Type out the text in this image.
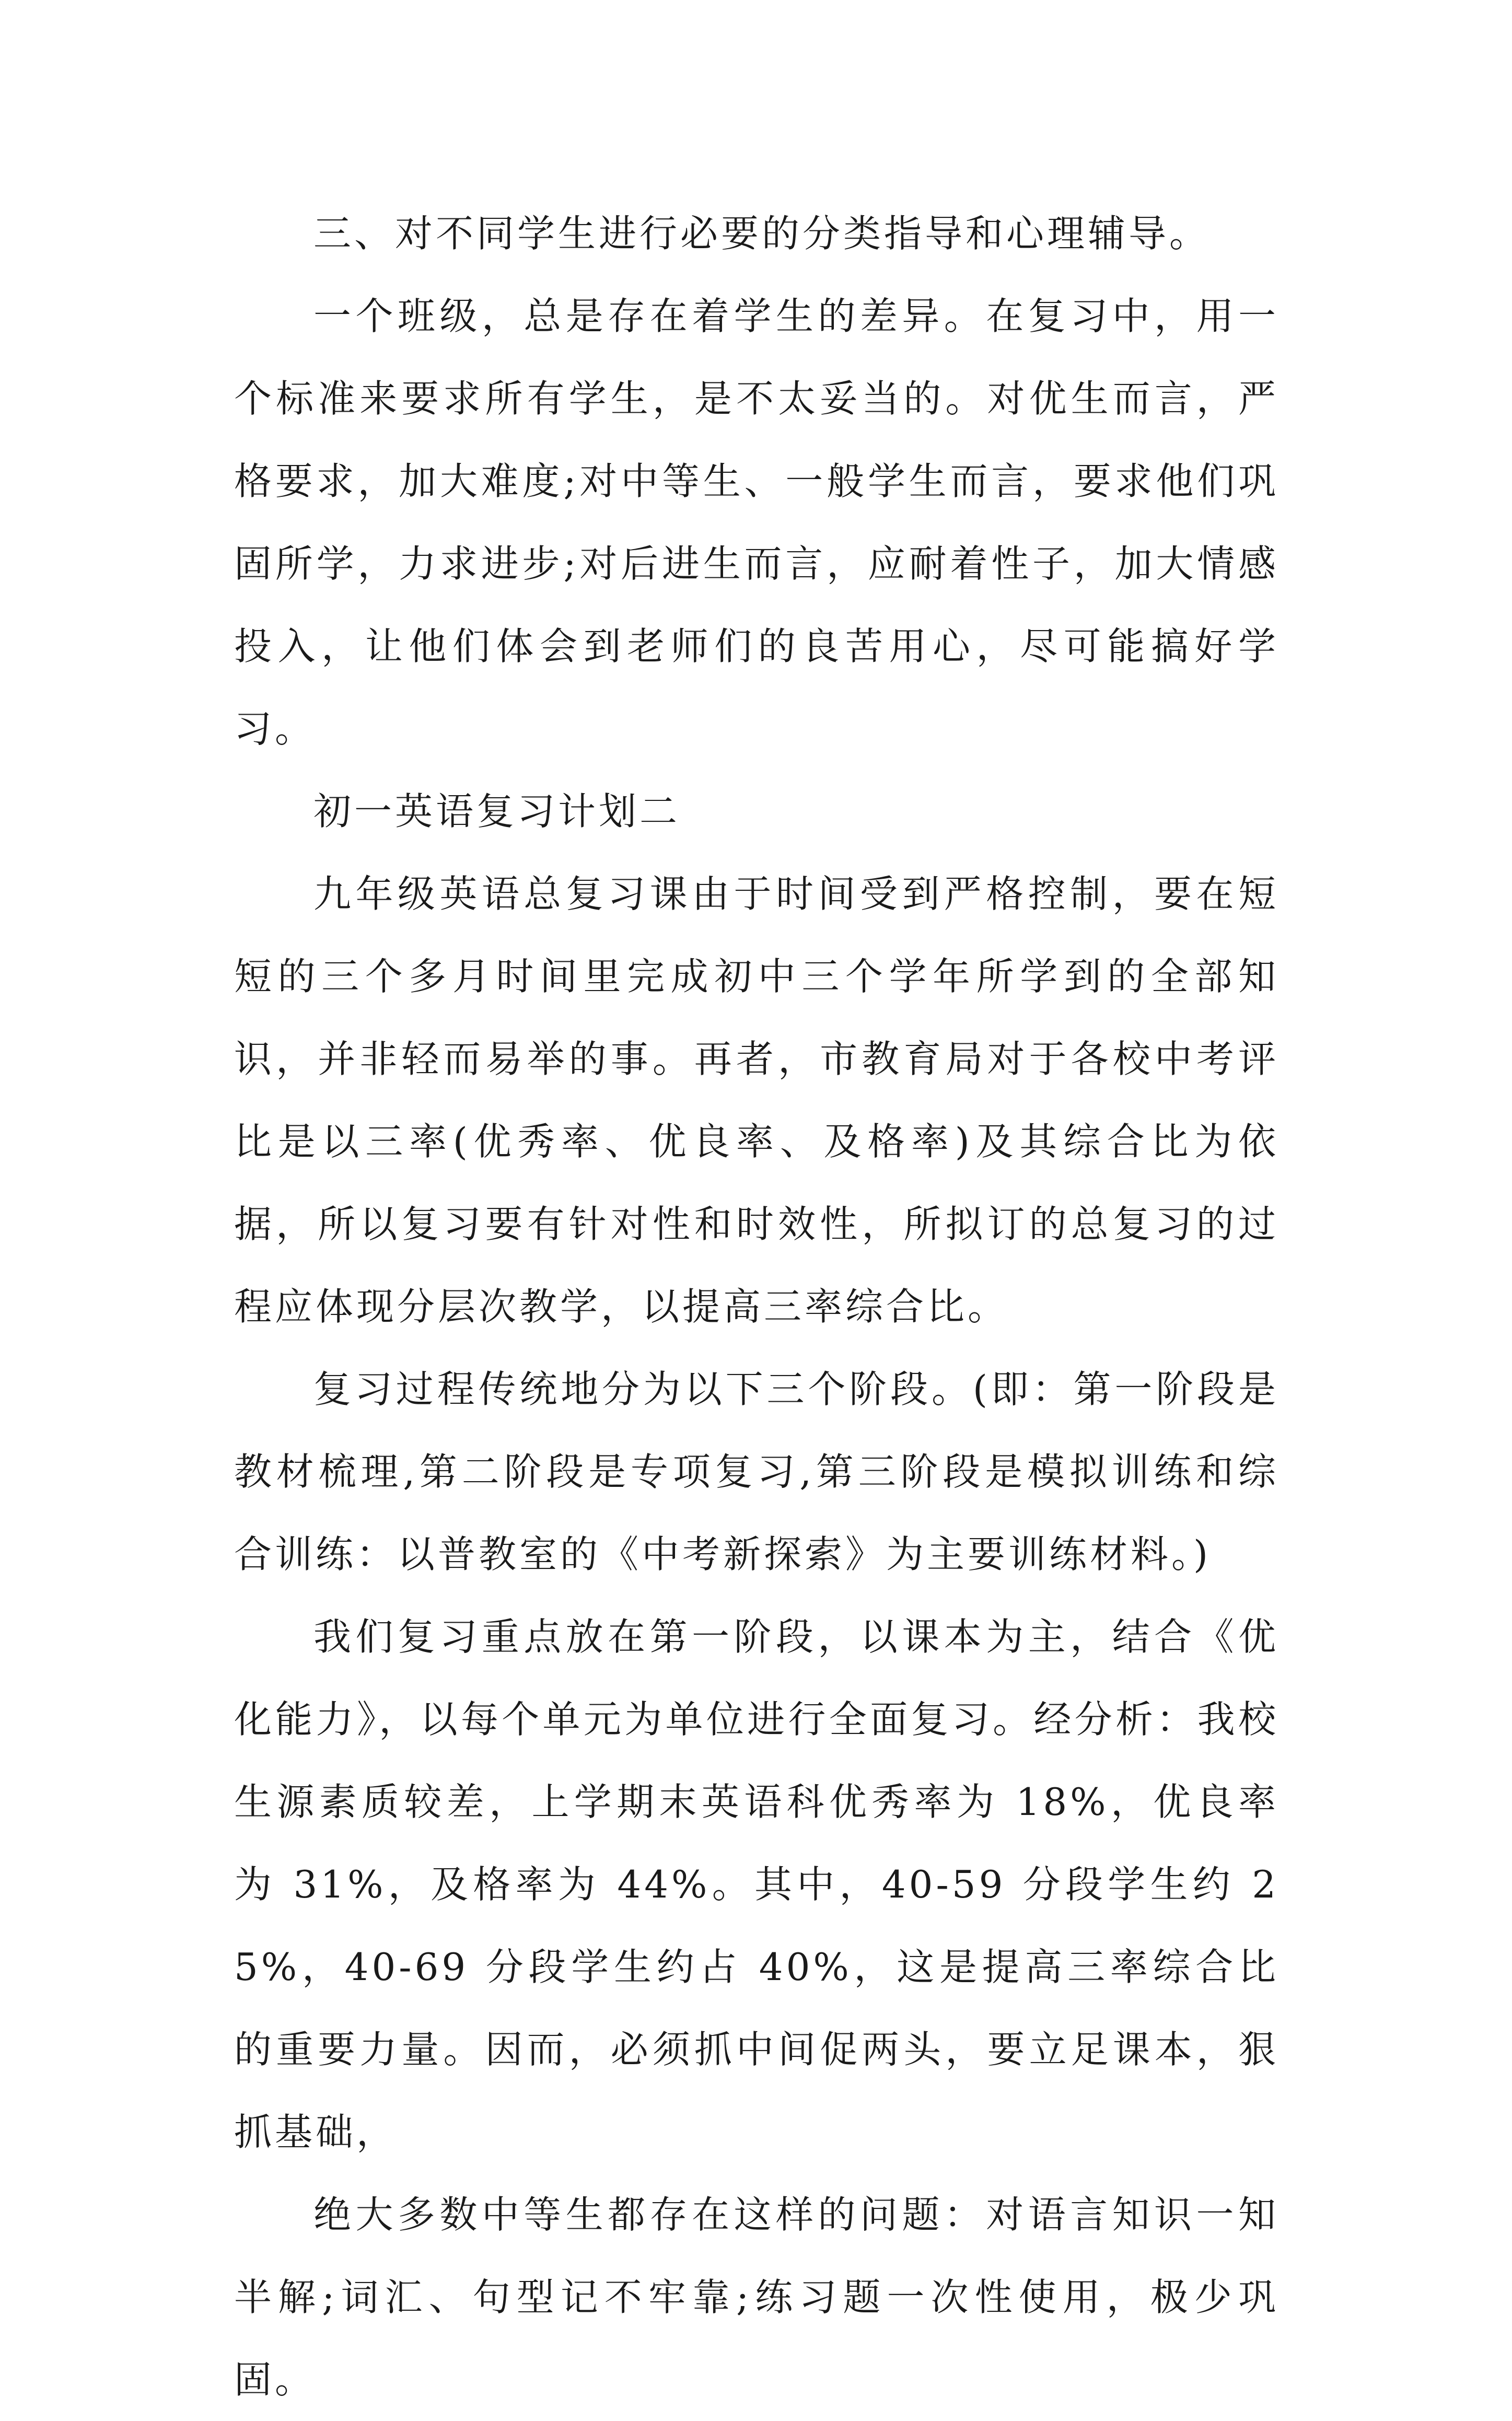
三、对不同学生进行必要的分类指导和心理辅导。

一个班级，总是存在着学生的差异。在复习中，用一个标准来要求所有学生，是不太妥当的。对优生而言，严格要求，加大难度;对中等生、一般学生而言，要求他们巩固所学，力求进步;对后进生而言，应耐着性子，加大情感投入，让他们体会到老师们的良苦用心，尽可能搞好学习。

初一英语复习计划二

九年级英语总复习课由于时间受到严格控制，要在短短的三个多月时间里完成初中三个学年所学到的全部知识，并非轻而易举的事。再者，市教育局对于各校中考评比是以三率(优秀率、优良率、及格率)及其综合比为依据，所以复习要有针对性和时效性，所拟订的总复习的过程应体现分层次教学，以提高三率综合比。

复习过程传统地分为以下三个阶段。(即：第一阶段是教材梳理,第二阶段是专项复习,第三阶段是模拟训练和综合训练：以普教室的《中考新探索》为主要训练材料。)

我们复习重点放在第一阶段，以课本为主，结合《优化能力》，以每个单元为单位进行全面复习。经分析：我校生源素质较差，上学期末英语科优秀率为 18%，优良率为 31%，及格率为 44%。其中，40-59 分段学生约 25%，40-69 分段学生约占 40%，这是提高三率综合比的重要力量。因而，必须抓中间促两头，要立足课本，狠抓基础，

绝大多数中等生都存在这样的问题：对语言知识一知半解;词汇、句型记不牢靠;练习题一次性使用，极少巩固。
